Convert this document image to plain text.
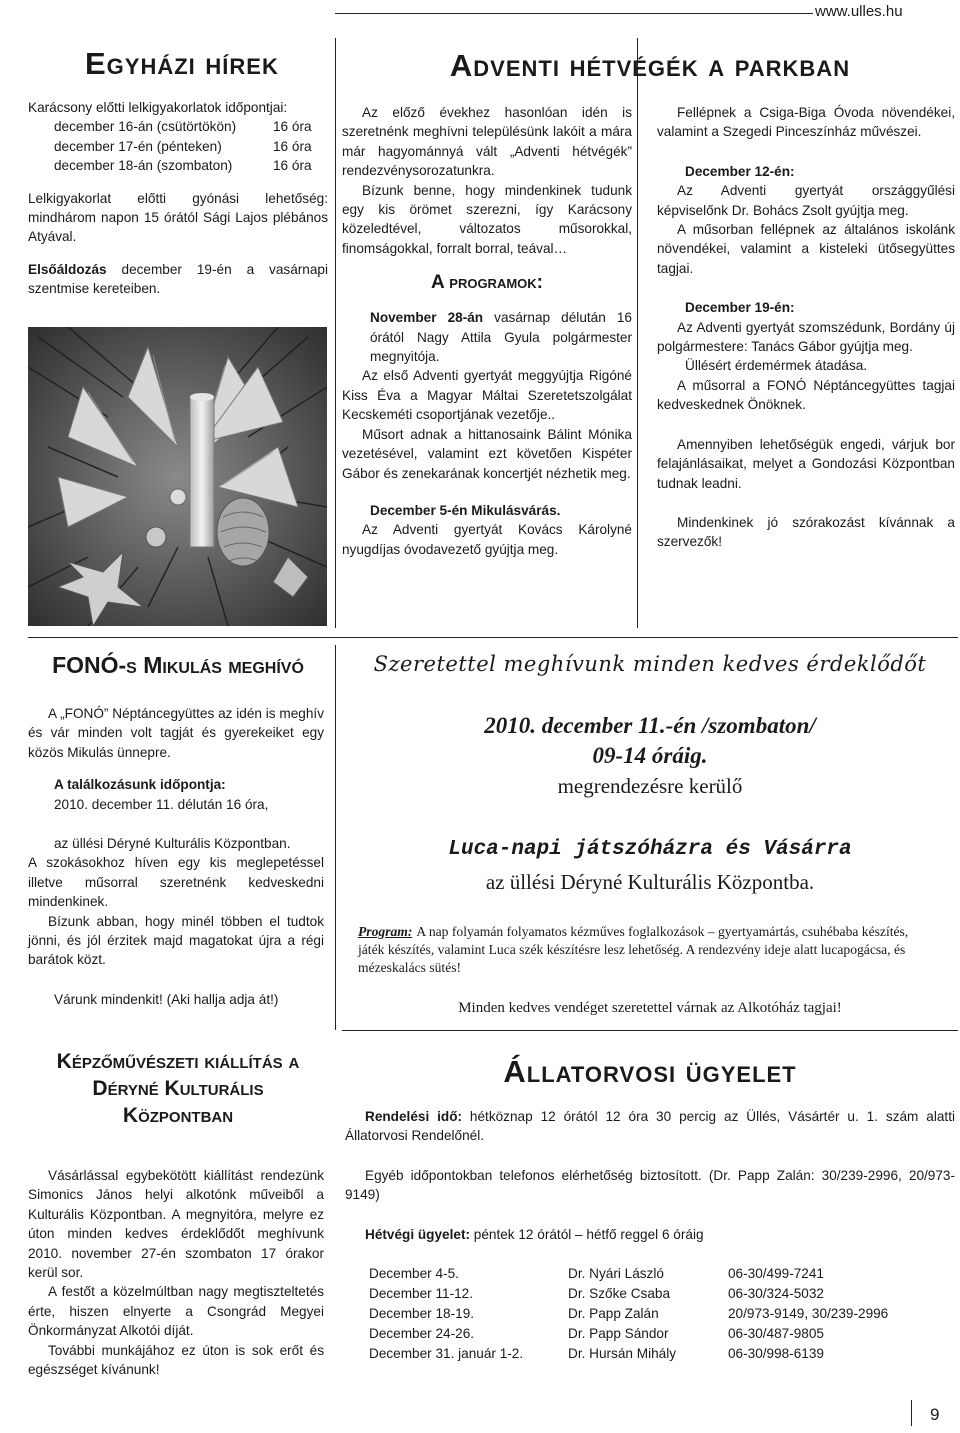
www.ulles.hu
Egyházi hírek

Karácsony előtti lelkigyakorlatok időpontjai:

december 16-án (csütörtökön)	16 óra
december 17-én (pénteken)	16 óra
december 18-án (szombaton)	16 óra

Lelkigyakorlat előtti gyónási lehetőség: mindhárom napon 15 órától Sági Lajos plébános Atyával.

Elsőáldozás december 19-én a vasárnapi szentmise kereteiben.

FONÓ-s Mikulás meghívó

A „FONÓ” Néptáncegyüttes az idén is meghív és vár minden volt tagját és gyerekeiket egy közös Mikulás ünnepre.

A találkozásunk időpontja:

2010. december 11. délután 16 óra,

az üllési Déryné Kulturális Központban.

A szokásokhoz híven egy kis meglepetéssel illetve műsorral szeretnénk kedveskedni mindenkinek.

Bízunk abban, hogy minél többen el tudtok jönni, és jól érzitek majd magatokat újra a régi barátok közt.

Várunk mindenkit! (Aki hallja adja át!)

Képzőművészeti kiállítás a
Déryné Kulturális
Központban

Vásárlással egybekötött kiállítást rendezünk Simonics János helyi alkotónk műveiből a Kulturális Központban. A megnyitóra, melyre ez úton minden kedves érdeklődőt meghívunk 2010. november 27-én szombaton 17 órakor kerül sor.

A festőt a közelmúltban nagy megtiszteltetés érte, hiszen elnyerte a Csongrád Megyei Önkormányzat Alkotói díját.

További munkájához ez úton is sok erőt és egészséget kívánunk!

Adventi hétvégék a parkban

Az előző évekhez hasonlóan idén is szeretnénk meghívni településünk lakóit a mára már hagyománnyá vált „Adventi hétvégék” rendezvénysorozatunkra.

Bízunk benne, hogy mindenkinek tudunk egy kis örömet szerezni, így Karácsony közeledtével, változatos műsorokkal, finomságokkal, forralt borral, teával…

A programok:

November 28-án vasárnap délután 16 órától Nagy Attila Gyula polgármester megnyitója.

Az első Adventi gyertyát meggyújtja Rigóné Kiss Éva a Magyar Máltai Szeretetszolgálat Kecskeméti csoportjának vezetője..

Műsort adnak a hittanosaink Bálint Mónika vezetésével, valamint ezt követően Kispéter Gábor és zenekarának koncertjét nézhetik meg.

December 5-én Mikulásvárás.

Az Adventi gyertyát Kovács Károlyné nyugdíjas óvodavezető gyújtja meg.

Fellépnek a Csiga-Biga Óvoda növendékei, valamint a Szegedi Pinceszínház művészei.

December 12-én:

Az Adventi gyertyát országgyűlési képviselőnk Dr. Bohács Zsolt gyújtja meg.

A műsorban fellépnek az általános iskolánk növendékei, valamint a kisteleki ütősegyüttes tagjai.

December 19-én:

Az Adventi gyertyát szomszédunk, Bordány új polgármestere: Tanács Gábor gyújtja meg.

Üllésért érdemérmek átadása.

A műsorral a FONÓ Néptáncegyüttes tagjai kedveskednek Önöknek.

Amennyiben lehetőségük engedi, várjuk bor felajánlásaikat, melyet a Gondozási Központban tudnak leadni.

Mindenkinek jó szórakozást kívánnak a szervezők!

Szeretettel meghívunk minden kedves érdeklődőt
2010. december 11.-én /szombaton/
09-14 óráig.
megrendezésre kerülő
Luca-napi játszóházra és Vásárra
az üllési Déryné Kulturális Központba.
Program: A nap folyamán folyamatos kézműves foglalkozások – gyertyamártás, csuhébaba készítés, játék készítés, valamint Luca szék készítésre lesz lehetőség. A rendezvény ideje alatt lucapogácsa, és mézeskalács sütés!
Minden kedves vendéget szeretettel várnak az Alkotóház tagjai!
Állatorvosi ügyelet

Rendelési idő: hétköznap 12 órától 12 óra 30 percig az Üllés, Vásártér u. 1. szám alatti Állatorvosi Rendelőnél.

Egyéb időpontokban telefonos elérhetőség biztosított. (Dr. Papp Zalán: 30/239-2996, 20/973-9149)

Hétvégi ügyelet: péntek 12 órától – hétfő reggel 6 óráig

December 4-5.	Dr. Nyári László	06-30/499-7241
December 11-12.	Dr. Szőke Csaba	06-30/324-5032
December 18-19.	Dr. Papp Zalán	20/973-9149, 30/239-2996
December 24-26.	Dr. Papp Sándor	06-30/487-9805
December 31. január 1-2.	Dr. Hursán Mihály	06-30/998-6139
9
